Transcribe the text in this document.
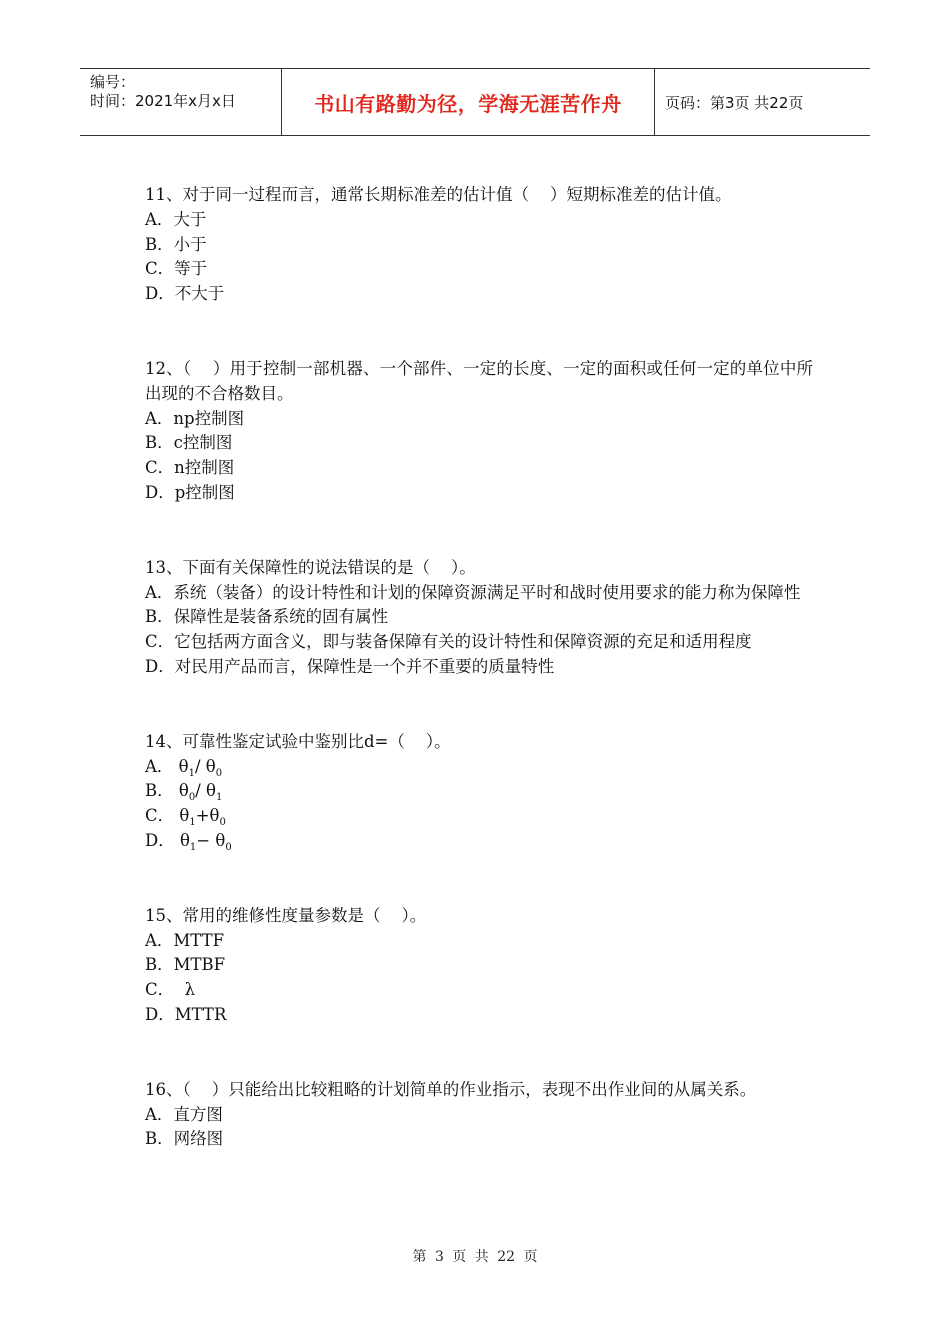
编号：
时间：2021年x月x日	书山有路勤为径，学海无涯苦作舟	页码：第3页 共22页

11、对于同一过程而言，通常长期标准差的估计值（    ）短期标准差的估计值。

A．大于

B．小于

C．等于

D．不大于

12、（    ）用于控制一部机器、一个部件、一定的长度、一定的面积或任何一定的单位中所出现的不合格数目。

A．np控制图

B．c控制图

C．n控制图

D．p控制图

13、下面有关保障性的说法错误的是（    ）。

A．系统（装备）的设计特性和计划的保障资源满足平时和战时使用要求的能力称为保障性

B．保障性是装备系统的固有属性

C．它包括两方面含义，即与装备保障有关的设计特性和保障资源的充足和适用程度

D．对民用产品而言，保障性是一个并不重要的质量特性

14、可靠性鉴定试验中鉴别比d=（    ）。

A． $\theta_1/$ $\theta_0$

B． $\theta_0/$ $\theta_1$

C． $\theta_1+\theta_0$

D． $\theta_1- \theta_0$

15、常用的维修性度量参数是（    ）。

A．MTTF

B．MTBF

C．  λ

D．MTTR

16、（    ）只能给出比较粗略的计划简单的作业指示，表现不出作业间的从属关系。

A．直方图

B．网络图

第 3 页 共 22 页
